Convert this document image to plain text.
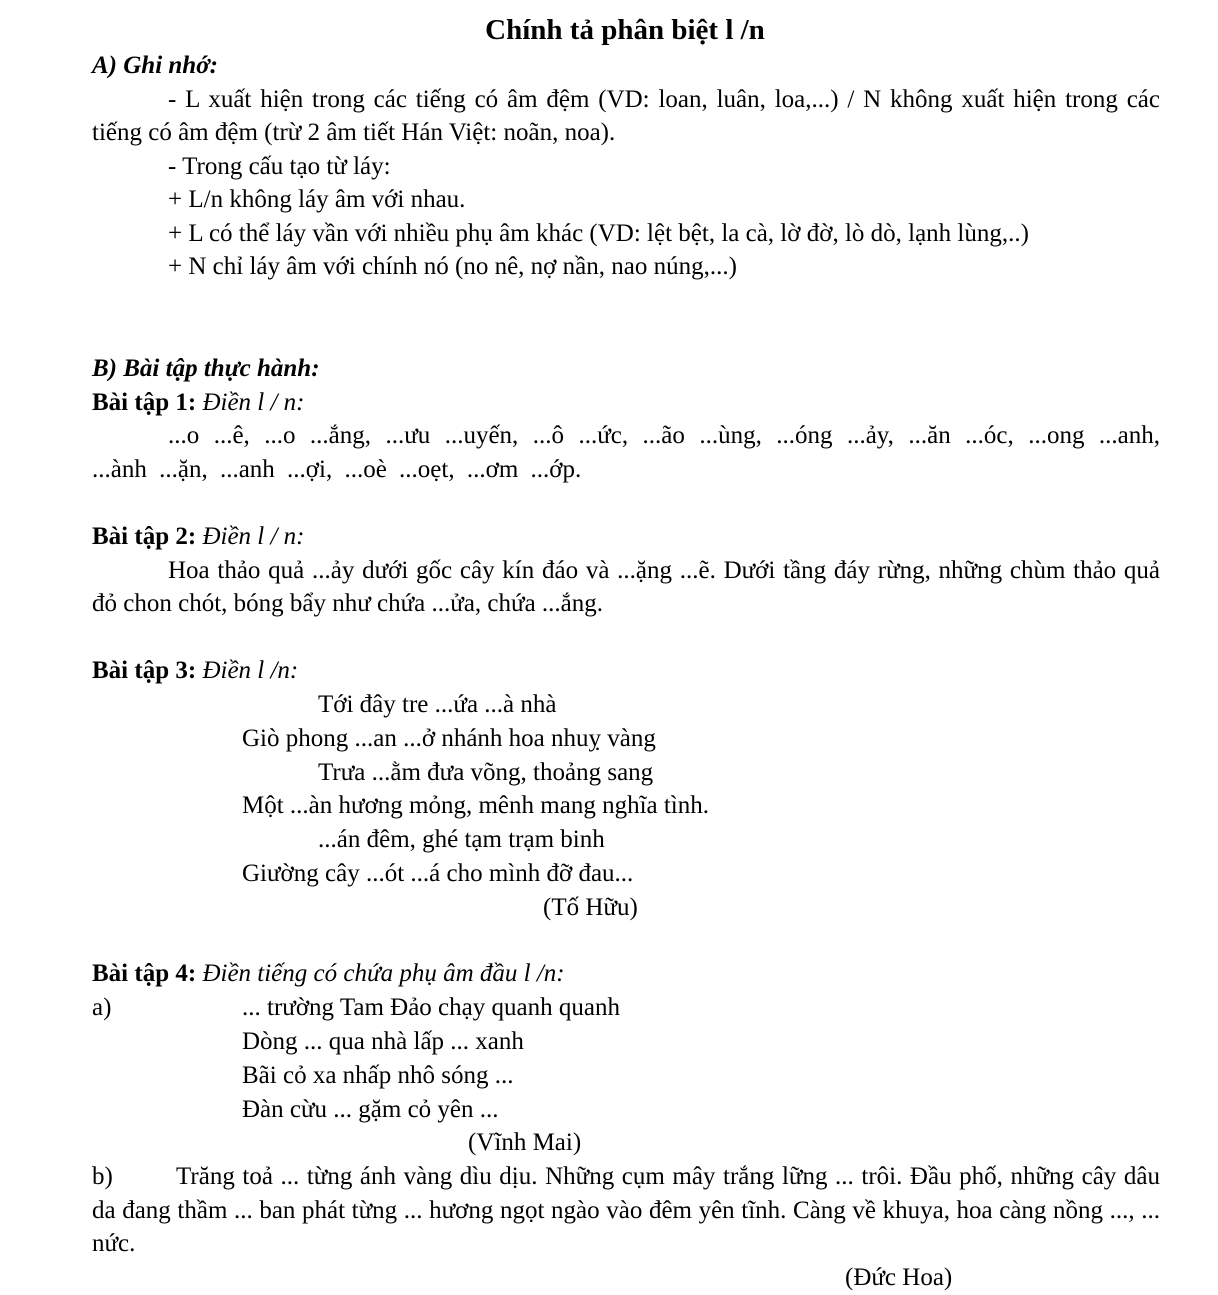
Chính tả phân biệt l /n

A) Ghi nhớ:

- L xuất hiện trong các tiếng có âm đệm (VD: loan, luân, loa,...) / N không xuất hiện trong các tiếng có âm đệm (trừ 2 âm tiết Hán Việt: noãn, noa).

- Trong cấu tạo từ láy:

+ L/n không láy âm với nhau.

+ L có thể láy vần với nhiều phụ âm khác (VD: lệt bệt, la cà, lờ đờ, lò dò, lạnh lùng,..)

+ N chỉ láy âm với chính nó (no nê, nợ nần, nao núng,...)

B) Bài tập thực hành:

Bài tập 1: Điền l / n:

...o ...ê, ...o ...ắng, ...ưu ...uyến, ...ô ...ức, ...ão ...ùng, ...óng ...ảy, ...ăn ...óc, ...ong ...anh, ...ành ...ặn, ...anh ...ợi, ...oè ...oẹt, ...ơm ...ớp.

Bài tập 2: Điền l / n:

Hoa thảo quả ...ảy dưới gốc cây kín đáo và ...ặng ...ẽ. Dưới tầng đáy rừng, những chùm thảo quả đỏ chon chót, bóng bẩy như chứa ...ửa, chứa ...ắng.

Bài tập 3: Điền l /n:

Tới đây tre ...ứa ...à nhà
Giò phong ...an ...ở nhánh hoa nhuỵ vàng
Trưa ...ằm đưa võng, thoảng sang
Một ...àn hương mỏng, mênh mang nghĩa tình.
...án đêm, ghé tạm trạm binh
Giường cây ...ót ...á cho mình đỡ đau...
(Tố Hữu)

Bài tập 4: Điền tiếng có chứa phụ âm đầu l /n:

a)	... trường Tam Đảo chạy quanh quanh
Dòng ... qua nhà lấp ... xanh
Bãi cỏ xa nhấp nhô sóng ...
Đàn cừu ... gặm cỏ yên ...
(Vĩnh Mai)
b)	Trăng toả ... từng ánh vàng dìu dịu. Những cụm mây trắng lững ... trôi. Đầu phố, những cây dâu da đang thầm ... ban phát từng ... hương ngọt ngào vào đêm yên tĩnh. Càng về khuya, hoa càng nồng ..., ... nức.
(Đức Hoa)
